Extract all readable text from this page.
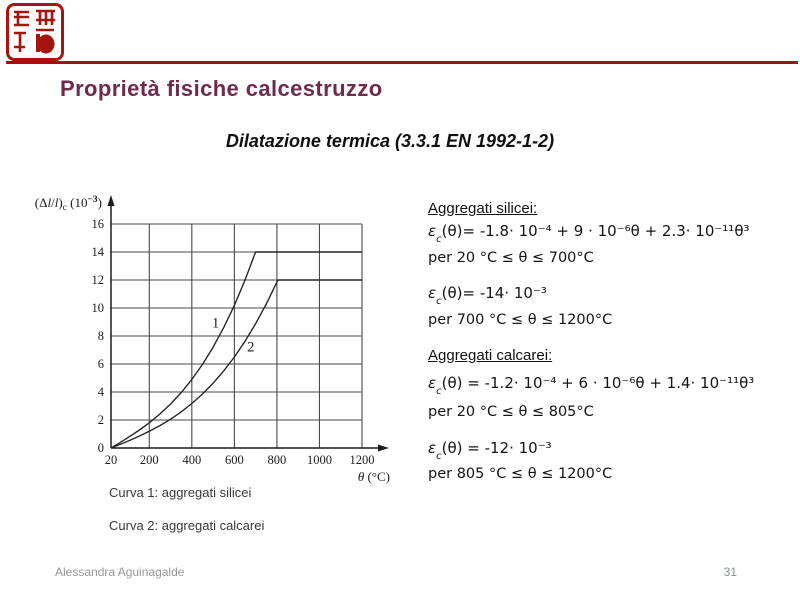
Proprietà fisiche calcestruzzo
Dilatazione termica (3.3.1 EN 1992-1-2)
20 200 400 600 800 1000 1200
0
2
4
6
8
10
12
14
16
$(\Delta l/l)_c$ $(10^{-3})$
θ (°C)
1
2
Curva 1: aggregati silicei
Curva 2: aggregati calcarei
Aggregati silicei:
$\varepsilon_c(\theta)= -1.8\cdot 10^{-4} + 9 \cdot 10^{-6}\theta + 2.3\cdot 10^{-11}\theta^3$
per 20 °C ≤ θ ≤ 700°C
$\varepsilon_c(\theta)= -14\cdot 10^{-3}$
per 700 °C ≤ θ ≤ 1200°C
Aggregati calcarei:
$\varepsilon_c(\theta) = -1.2\cdot 10^{-4} + 6 \cdot 10^{-6}\theta + 1.4\cdot 10^{-11}\theta^3$
per 20 °C ≤ θ ≤ 805°C
$\varepsilon_c(\theta) = -12\cdot 10^{-3}$
per 805 °C ≤ θ ≤ 1200°C
Alessandra Aguinagalde	31
